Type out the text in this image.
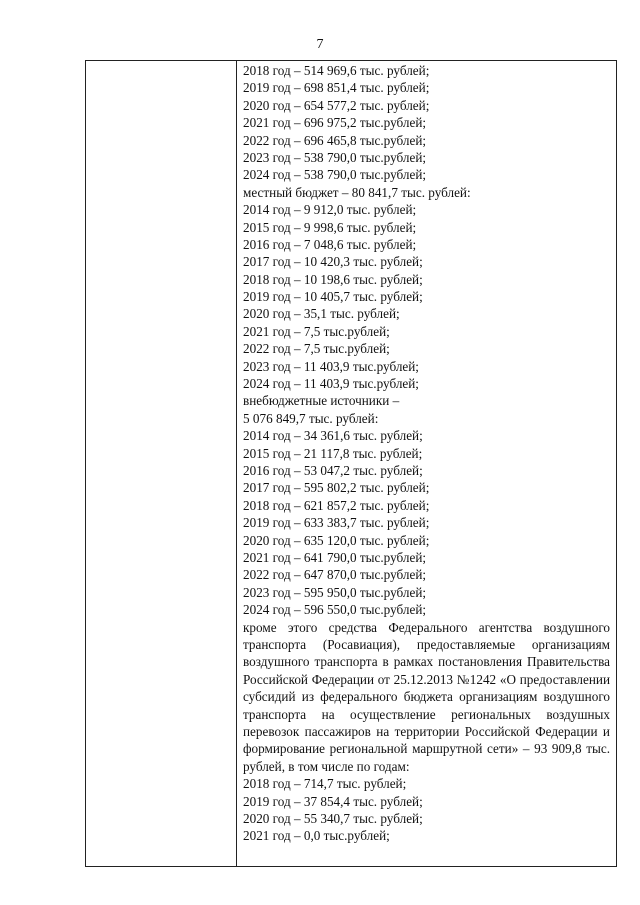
7
2018 год – 514 969,6 тыс. рублей;
2019 год – 698 851,4 тыс. рублей;
2020 год – 654 577,2 тыс. рублей;
2021 год – 696 975,2 тыс.рублей;
2022 год – 696 465,8 тыс.рублей;
2023 год – 538 790,0 тыс.рублей;
2024 год – 538 790,0 тыс.рублей;
местный бюджет – 80 841,7 тыс. рублей:
2014 год – 9 912,0 тыс. рублей;
2015 год – 9 998,6 тыс. рублей;
2016 год – 7 048,6 тыс. рублей;
2017 год – 10 420,3 тыс. рублей;
2018 год – 10 198,6 тыс. рублей;
2019 год – 10 405,7 тыс. рублей;
2020 год – 35,1 тыс. рублей;
2021 год – 7,5 тыс.рублей;
2022 год – 7,5 тыс.рублей;
2023 год – 11 403,9 тыс.рублей;
2024 год – 11 403,9 тыс.рублей;
внебюджетные источники –
5 076 849,7 тыс. рублей:
2014 год – 34 361,6 тыс. рублей;
2015 год – 21 117,8 тыс. рублей;
2016 год – 53 047,2 тыс. рублей;
2017 год – 595 802,2 тыс. рублей;
2018 год – 621 857,2 тыс. рублей;
2019 год – 633 383,7 тыс. рублей;
2020 год – 635 120,0 тыс. рублей;
2021 год – 641 790,0 тыс.рублей;
2022 год – 647 870,0 тыс.рублей;
2023 год – 595 950,0 тыс.рублей;
2024 год – 596 550,0 тыс.рублей;

кроме этого средства Федерального агентства воздушного транспорта (Росавиация), предоставляемые организациям воздушного транспорта в рамках постановления Правительства Российской Федерации от 25.12.2013 №1242 «О предоставлении субсидий из федерального бюджета организациям воздушного транспорта на осуществление региональных воздушных перевозок пассажиров на территории Российской Федерации и формирование региональной маршрутной сети» – 93 909,8 тыс. рублей, в том числе по годам:

2018 год – 714,7 тыс. рублей;
2019 год – 37 854,4 тыс. рублей;
2020 год – 55 340,7 тыс. рублей;
2021 год – 0,0 тыс.рублей;
